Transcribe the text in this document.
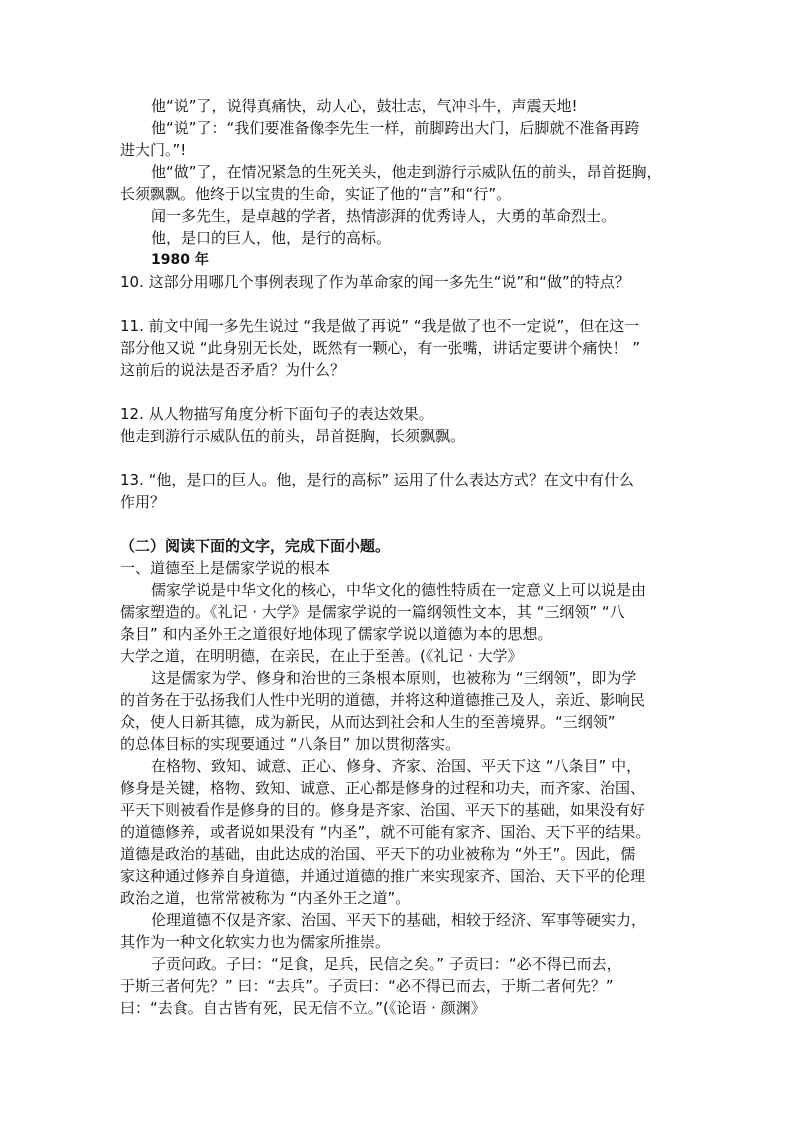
他“说”了，说得真痛快，动人心，鼓壮志，气冲斗牛，声震天地!

他“说”了：“我们要准备像李先生一样，前脚跨出大门，后脚就不准备再跨

进大门。”!

他“做”了，在情况紧急的生死关头，他走到游行示威队伍的前头，昂首挺胸，

长须飘飘。他终于以宝贵的生命，实证了他的“言”和“行”。

闻一多先生，是卓越的学者，热情澎湃的优秀诗人，大勇的革命烈士。

他，是口的巨人，他，是行的高标。

1980 年

10. 这部分用哪几个事例表现了作为革命家的闻一多先生“说”和“做”的特点？

11. 前文中闻一多先生说过 “我是做了再说” “我是做了也不一定说”，但在这一

部分他又说 “此身别无长处，既然有一颗心，有一张嘴，讲话定要讲个痛快！ ”

这前后的说法是否矛盾？为什么？

12. 从人物描写角度分析下面句子的表达效果。

他走到游行示威队伍的前头，昂首挺胸，长须飘飘。

13. “他，是口的巨人。他，是行的高标” 运用了什么表达方式？在文中有什么

作用？

（二）阅读下面的文字，完成下面小题。

一、道德至上是儒家学说的根本

儒家学说是中华文化的核心，中华文化的德性特质在一定意义上可以说是由

儒家塑造的。《礼记 · 大学》是儒家学说的一篇纲领性文本，其 “三纲领” “八

条目” 和内圣外王之道很好地体现了儒家学说以道德为本的思想。

大学之道，在明明德，在亲民，在止于至善。(《礼记 · 大学》

这是儒家为学、修身和治世的三条根本原则，也被称为 “三纲领”，即为学

的首务在于弘扬我们人性中光明的道德，并将这种道德推己及人，亲近、影响民

众，使人日新其德，成为新民，从而达到社会和人生的至善境界。“三纲领”

的总体目标的实现要通过 “八条目” 加以贯彻落实。

在格物、致知、诚意、正心、修身、齐家、治国、平天下这 “八条目” 中，

修身是关键，格物、致知、诚意、正心都是修身的过程和功夫，而齐家、治国、

平天下则被看作是修身的目的。修身是齐家、治国、平天下的基础，如果没有好

的道德修养，或者说如果没有 “内圣”，就不可能有家齐、国治、天下平的结果。

道德是政治的基础，由此达成的治国、平天下的功业被称为 “外王”。因此，儒

家这种通过修养自身道德，并通过道德的推广来实现家齐、国治、天下平的伦理

政治之道，也常常被称为 “内圣外王之道”。

伦理道德不仅是齐家、治国、平天下的基础，相较于经济、军事等硬实力，

其作为一种文化软实力也为儒家所推崇。

子贡问政。子曰：“足食，足兵，民信之矣。” 子贡曰：“必不得已而去，

于斯三者何先？” 曰：“去兵”。子贡曰：“必不得已而去，于斯二者何先？”

曰：“去食。自古皆有死，民无信不立。”(《论语 · 颜渊》
